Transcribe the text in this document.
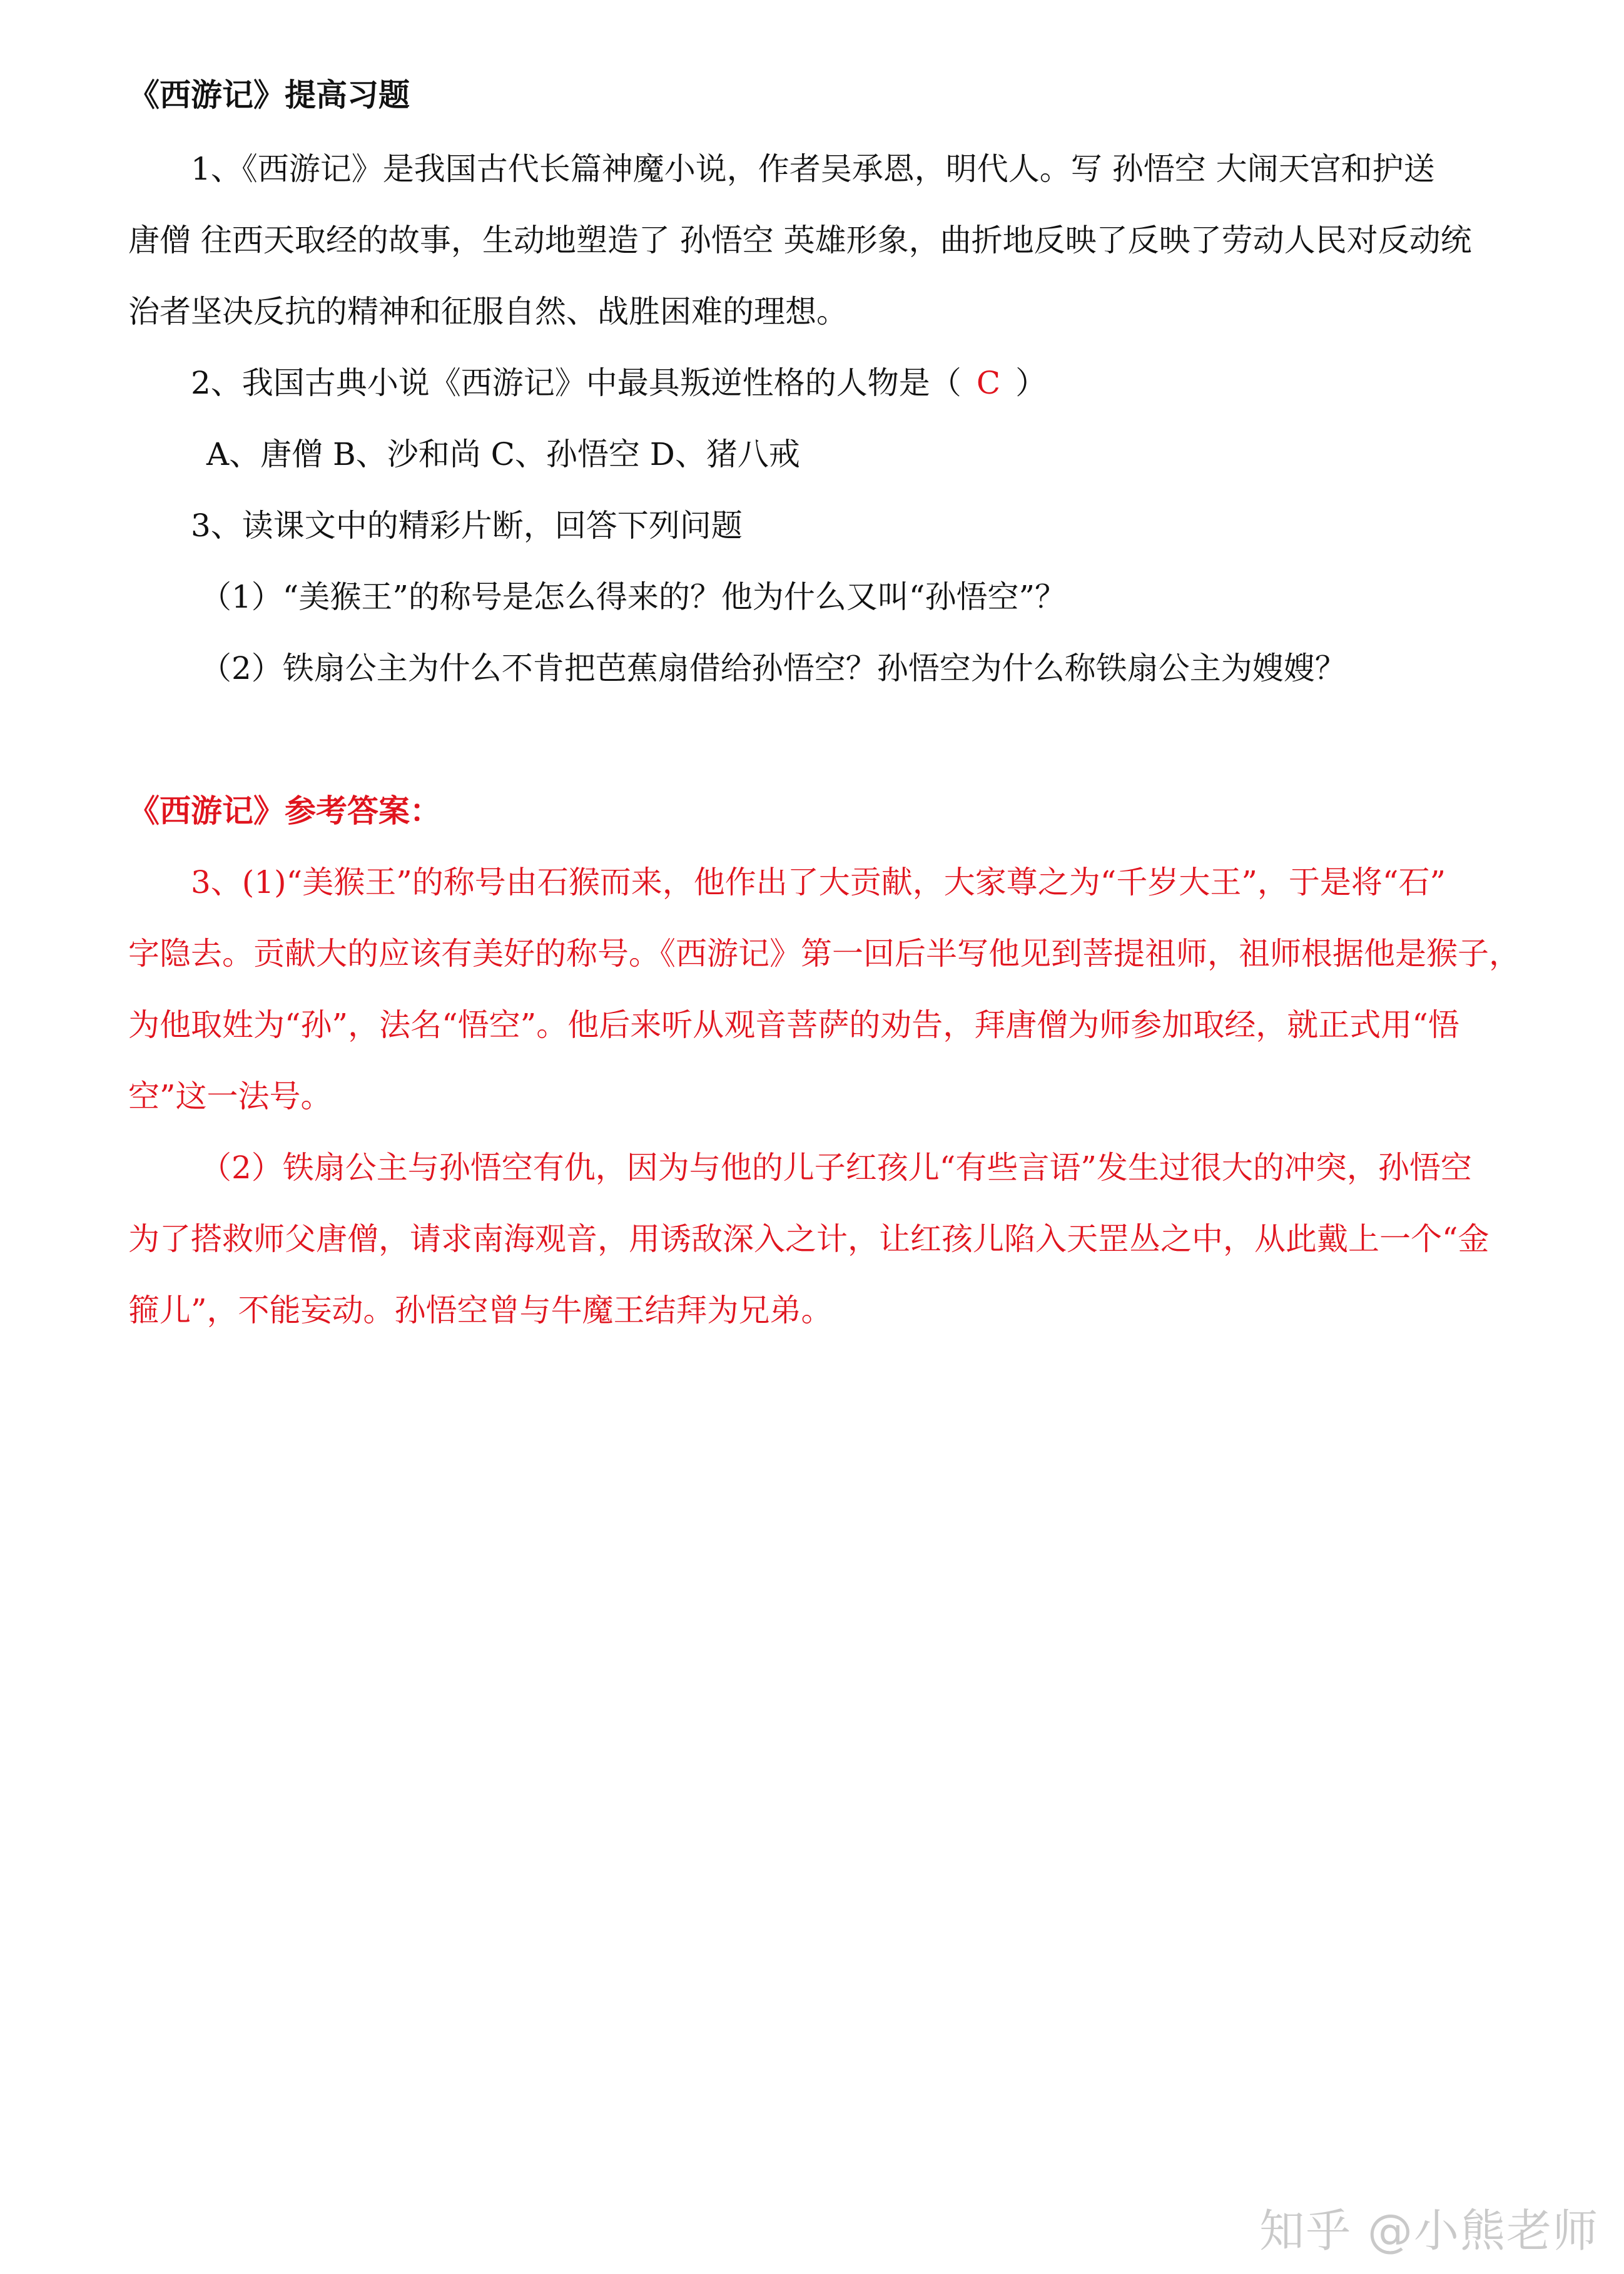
《西游记》提高习题
1、《西游记》是我国古代长篇神魔小说，作者吴承恩，明代人。写 孙悟空 大闹天宫和护送
唐僧 往西天取经的故事，生动地塑造了 孙悟空 英雄形象，曲折地反映了反映了劳动人民对反动统
治者坚决反抗的精神和征服自然、战胜困难的理想。
2、我国古典小说《西游记》中最具叛逆性格的人物是（ C ）
A、唐僧 B、沙和尚 C、孙悟空 D、猪八戒
3、读课文中的精彩片断，回答下列问题
（1）“美猴王”的称号是怎么得来的？他为什么又叫“孙悟空”？
（2）铁扇公主为什么不肯把芭蕉扇借给孙悟空？孙悟空为什么称铁扇公主为嫂嫂？
《西游记》参考答案：
3、(1)“美猴王”的称号由石猴而来，他作出了大贡献，大家尊之为“千岁大王”，于是将“石”
字隐去。贡献大的应该有美好的称号。《西游记》第一回后半写他见到菩提祖师，祖师根据他是猴子，
为他取姓为“孙”，法名“悟空”。他后来听从观音菩萨的劝告，拜唐僧为师参加取经，就正式用“悟
空”这一法号。
（2）铁扇公主与孙悟空有仇，因为与他的儿子红孩儿“有些言语”发生过很大的冲突，孙悟空
为了搭救师父唐僧，请求南海观音，用诱敌深入之计，让红孩儿陷入天罡丛之中，从此戴上一个“金
箍儿”，不能妄动。孙悟空曾与牛魔王结拜为兄弟。
知乎 @小熊老师
